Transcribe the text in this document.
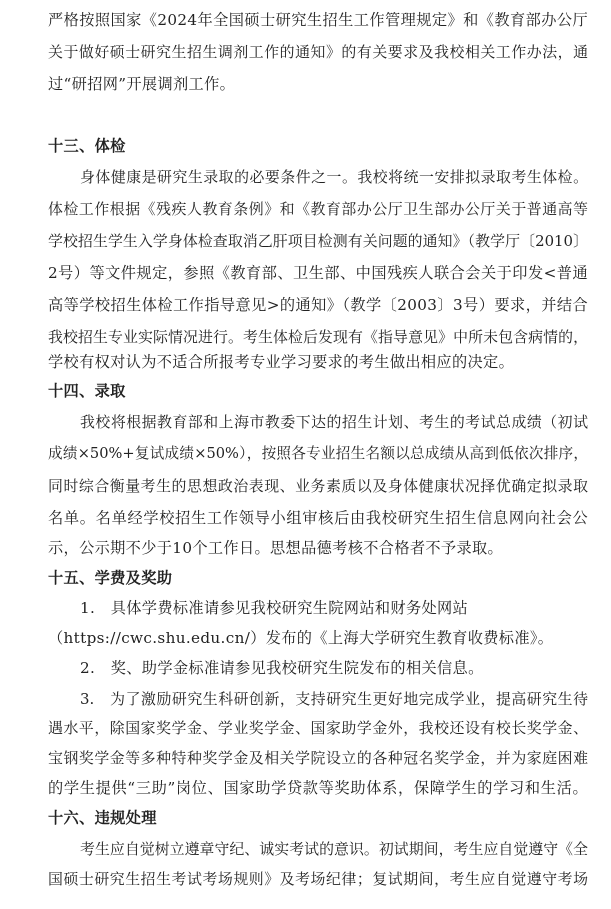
严格按照国家《2024年全国硕士研究生招生工作管理规定》和《教育部办公厅
关于做好硕士研究生招生调剂工作的通知》的有关要求及我校相关工作办法，通
过“研招网”开展调剂工作。
十三、体检
身体健康是研究生录取的必要条件之一。我校将统一安排拟录取考生体检。
体检工作根据《残疾人教育条例》和《教育部办公厅卫生部办公厅关于普通高等
学校招生学生入学身体检查取消乙肝项目检测有关问题的通知》（教学厅〔2010〕
2号）等文件规定，参照《教育部、卫生部、中国残疾人联合会关于印发<普通
高等学校招生体检工作指导意见>的通知》（教学〔2003〕3号）要求，并结合
我校招生专业实际情况进行。考生体检后发现有《指导意见》中所未包含病情的，
学校有权对认为不适合所报考专业学习要求的考生做出相应的决定。
十四、录取
我校将根据教育部和上海市教委下达的招生计划、考生的考试总成绩（初试
成绩×50%+复试成绩×50%），按照各专业招生名额以总成绩从高到低依次排序，
同时综合衡量考生的思想政治表现、业务素质以及身体健康状况择优确定拟录取
名单。名单经学校招生工作领导小组审核后由我校研究生招生信息网向社会公
示，公示期不少于10个工作日。思想品德考核不合格者不予录取。
十五、学费及奖助
1.　具体学费标准请参见我校研究生院网站和财务处网站
（https://cwc.shu.edu.cn/）发布的《上海大学研究生教育收费标准》。
2.　奖、助学金标准请参见我校研究生院发布的相关信息。
3.　为了激励研究生科研创新，支持研究生更好地完成学业，提高研究生待
遇水平，除国家奖学金、学业奖学金、国家助学金外，我校还设有校长奖学金、
宝钢奖学金等多种特种奖学金及相关学院设立的各种冠名奖学金，并为家庭困难
的学生提供“三助”岗位、国家助学贷款等奖助体系，保障学生的学习和生活。
十六、违规处理
考生应自觉树立遵章守纪、诚实考试的意识。初试期间，考生应自觉遵守《全
国硕士研究生招生考试考场规则》及考场纪律；复试期间，考生应自觉遵守考场
